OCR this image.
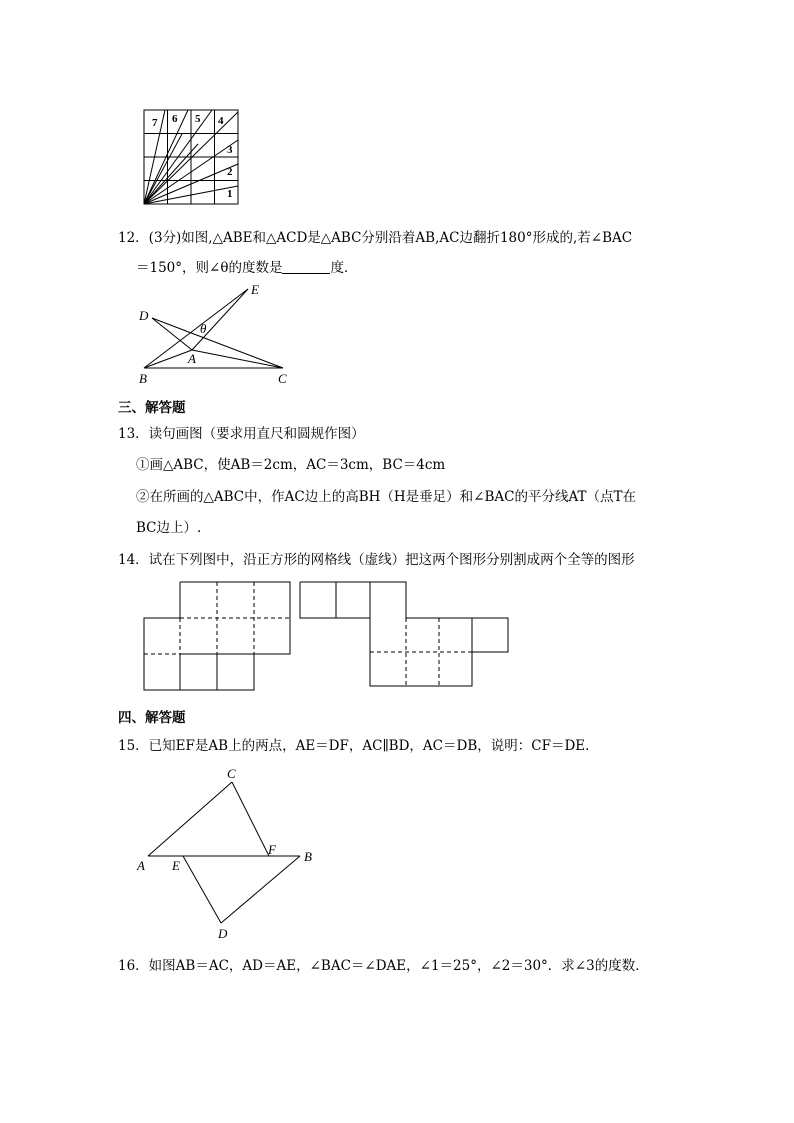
7 6 5 4
3
2
1
12．(3分)如图,△ABE和△ACD是△ABC分别沿着AB,AC边翻折180°形成的,若∠BAC
＝150°，则∠θ的度数是	度．
D
E
θ
A
B	C
三、解答题
13．读句画图（要求用直尺和圆规作图）
①画△ABC，使AB＝2cm，AC＝3cm，BC＝4cm
②在所画的△ABC中，作AC边上的高BH（H是垂足）和∠BAC的平分线AT（点T在
BC边上）.
14．试在下列图中，沿正方形的网格线（虚线）把这两个图形分别割成两个全等的图形
四、解答题
15．已知EF是AB上的两点，AE＝DF，AC∥BD，AC＝DB，说明：CF＝DE．
C
A E
F B
D
16．如图AB＝AC，AD＝AE，∠BAC＝∠DAE，∠1＝25°，∠2＝30°．求∠3的度数．
